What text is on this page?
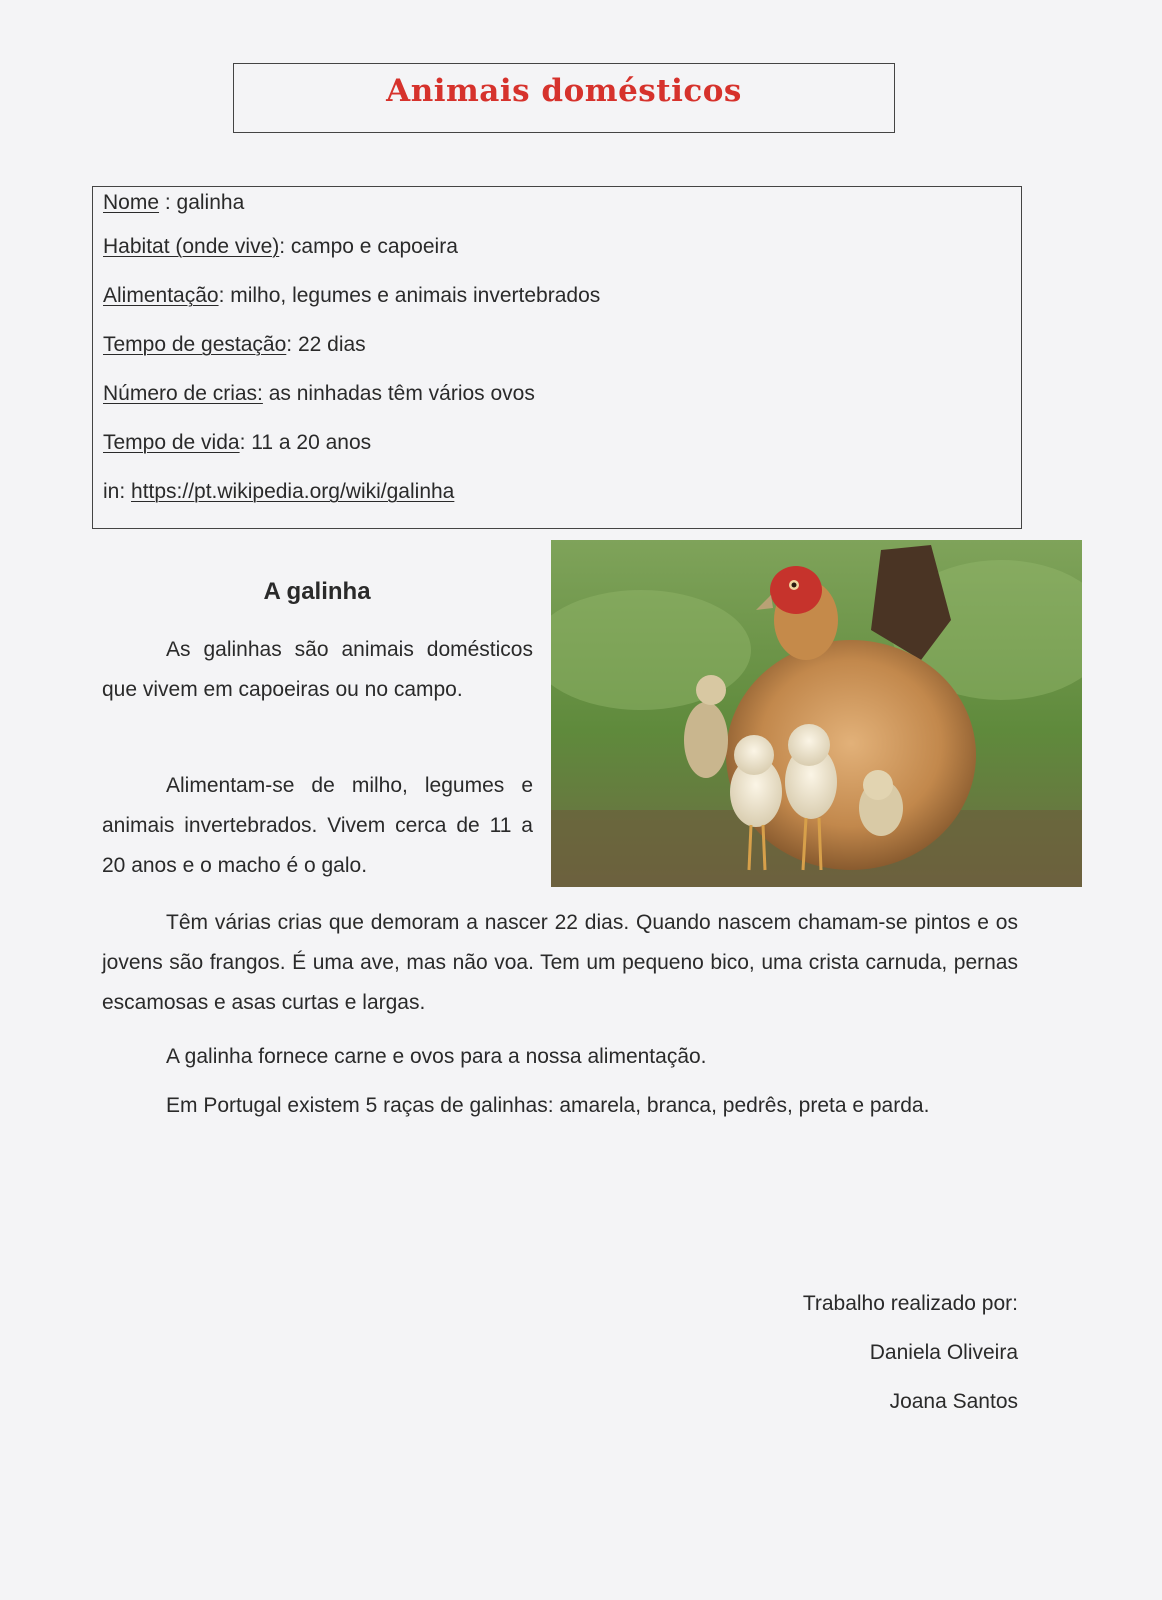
Animais domésticos
Nome : galinha
Habitat (onde vive): campo e capoeira
Alimentação: milho, legumes e animais invertebrados
Tempo de gestação: 22 dias
Número de crias: as ninhadas têm vários ovos
Tempo de vida: 11 a 20 anos
in: https://pt.wikipedia.org/wiki/galinha
A galinha

As galinhas são animais domésticos que vivem em capoeiras ou no campo.

Alimentam-se de milho, legumes e animais invertebrados. Vivem cerca de 11 a 20 anos e o macho é o galo.

Têm várias crias que demoram a nascer 22 dias. Quando nascem chamam-se pintos e os jovens são frangos. É uma ave, mas não voa. Tem um pequeno bico, uma crista carnuda, pernas escamosas e asas curtas e largas.

A galinha fornece carne e ovos para a nossa alimentação.
Em Portugal existem 5 raças de galinhas: amarela, branca, pedrês, preta e parda.
Trabalho realizado por:
Daniela Oliveira
Joana Santos
